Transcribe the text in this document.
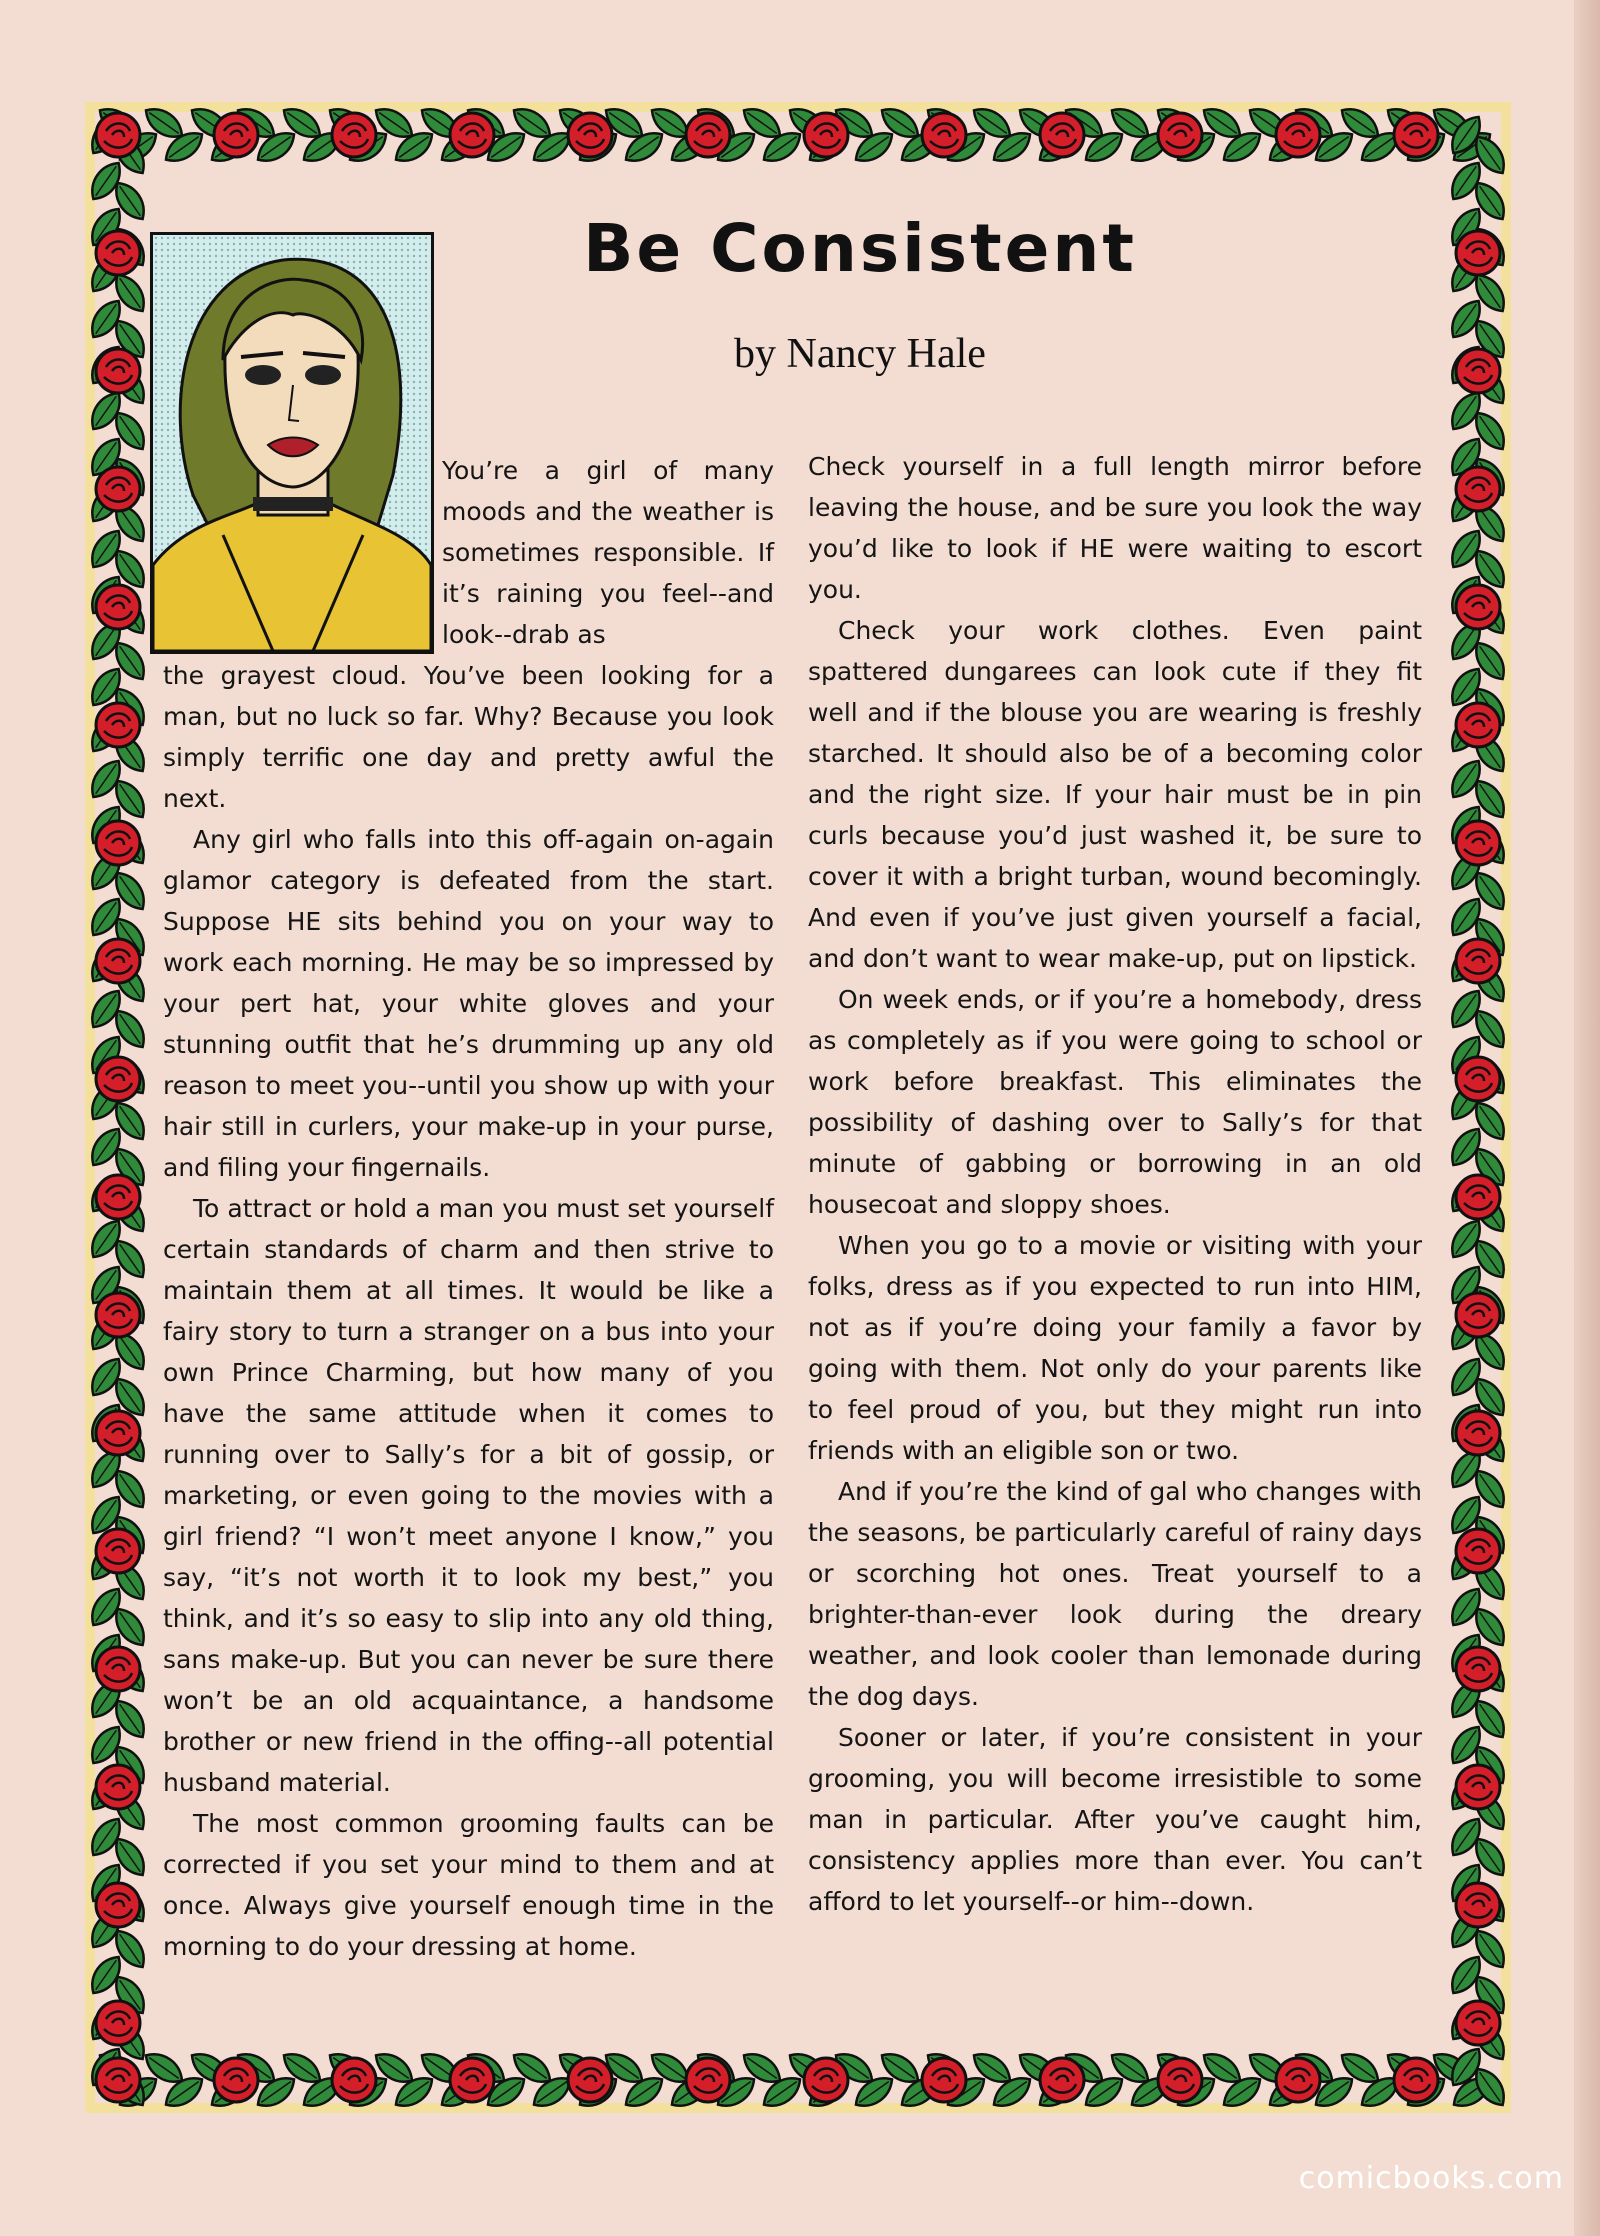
Be Consistent
by Nancy Hale

You’re a girl of many moods and the weather is sometimes responsible. If it’s raining you feel--and look--drab as

the grayest cloud. You’ve been looking for a man, but no luck so far. Why? Because you look simply terrific one day and pretty awful the next.

Any girl who falls into this off-again on-again glamor category is defeated from the start. Suppose HE sits behind you on your way to work each morning. He may be so impressed by your pert hat, your white gloves and your stunning outfit that he’s drumming up any old reason to meet you--until you show up with your hair still in curlers, your make-up in your purse, and filing your fingernails.

To attract or hold a man you must set yourself certain standards of charm and then strive to maintain them at all times. It would be like a fairy story to turn a stranger on a bus into your own Prince Charming, but how many of you have the same attitude when it comes to running over to Sally’s for a bit of gossip, or marketing, or even going to the movies with a girl friend? “I won’t meet anyone I know,” you say, “it’s not worth it to look my best,” you think, and it’s so easy to slip into any old thing, sans make-up. But you can never be sure there won’t be an old acquaintance, a handsome brother or new friend in the offing--all potential husband material.

The most common grooming faults can be corrected if you set your mind to them and at once. Always give yourself enough time in the morning to do your dressing at home.

Check yourself in a full length mirror before leaving the house, and be sure you look the way you’d like to look if HE were waiting to escort you.

Check your work clothes. Even paint spattered dungarees can look cute if they fit well and if the blouse you are wearing is freshly starched. It should also be of a becoming color and the right size. If your hair must be in pin curls because you’d just washed it, be sure to cover it with a bright turban, wound becomingly. And even if you’ve just given yourself a facial, and don’t want to wear make-up, put on lipstick.

On week ends, or if you’re a homebody, dress as completely as if you were going to school or work before breakfast. This eliminates the possibility of dashing over to Sally’s for that minute of gabbing or borrowing in an old housecoat and sloppy shoes.

When you go to a movie or visiting with your folks, dress as if you expected to run into HIM, not as if you’re doing your family a favor by going with them. Not only do your parents like to feel proud of you, but they might run into friends with an eligible son or two.

And if you’re the kind of gal who changes with the seasons, be particularly careful of rainy days or scorching hot ones. Treat yourself to a brighter-than-ever look during the dreary weather, and look cooler than lemonade during the dog days.

Sooner or later, if you’re consistent in your grooming, you will become irresistible to some man in particular. After you’ve caught him, consistency applies more than ever. You can’t afford to let yourself--or him--down.

comicbooks.com
